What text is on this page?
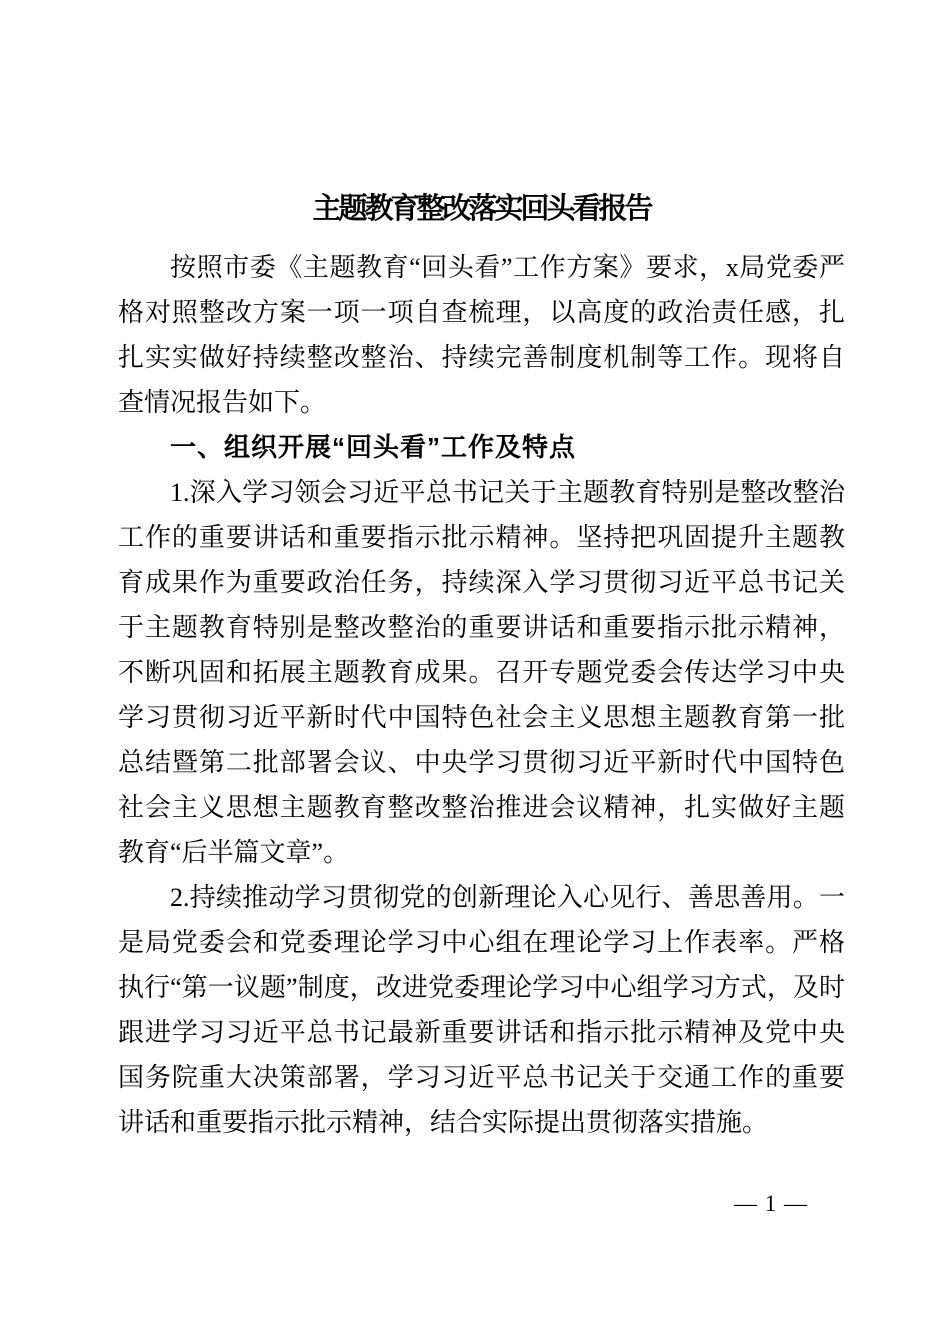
主题教育整改落实回头看报告

按照市委《主题教育“回头看”工作方案》要求，x局党委严格对照整改方案一项一项自查梳理，以高度的政治责任感，扎扎实实做好持续整改整治、持续完善制度机制等工作。现将自查情况报告如下。

一、组织开展“回头看”工作及特点

1.深入学习领会习近平总书记关于主题教育特别是整改整治工作的重要讲话和重要指示批示精神。坚持把巩固提升主题教育成果作为重要政治任务，持续深入学习贯彻习近平总书记关于主题教育特别是整改整治的重要讲话和重要指示批示精神，不断巩固和拓展主题教育成果。召开专题党委会传达学习中央学习贯彻习近平新时代中国特色社会主义思想主题教育第一批总结暨第二批部署会议、中央学习贯彻习近平新时代中国特色社会主义思想主题教育整改整治推进会议精神，扎实做好主题教育“后半篇文章”。

2.持续推动学习贯彻党的创新理论入心见行、善思善用。一是局党委会和党委理论学习中心组在理论学习上作表率。严格执行“第一议题”制度，改进党委理论学习中心组学习方式，及时跟进学习习近平总书记最新重要讲话和指示批示精神及党中央国务院重大决策部署，学习习近平总书记关于交通工作的重要讲话和重要指示批示精神，结合实际提出贯彻落实措施。

— 1 —
